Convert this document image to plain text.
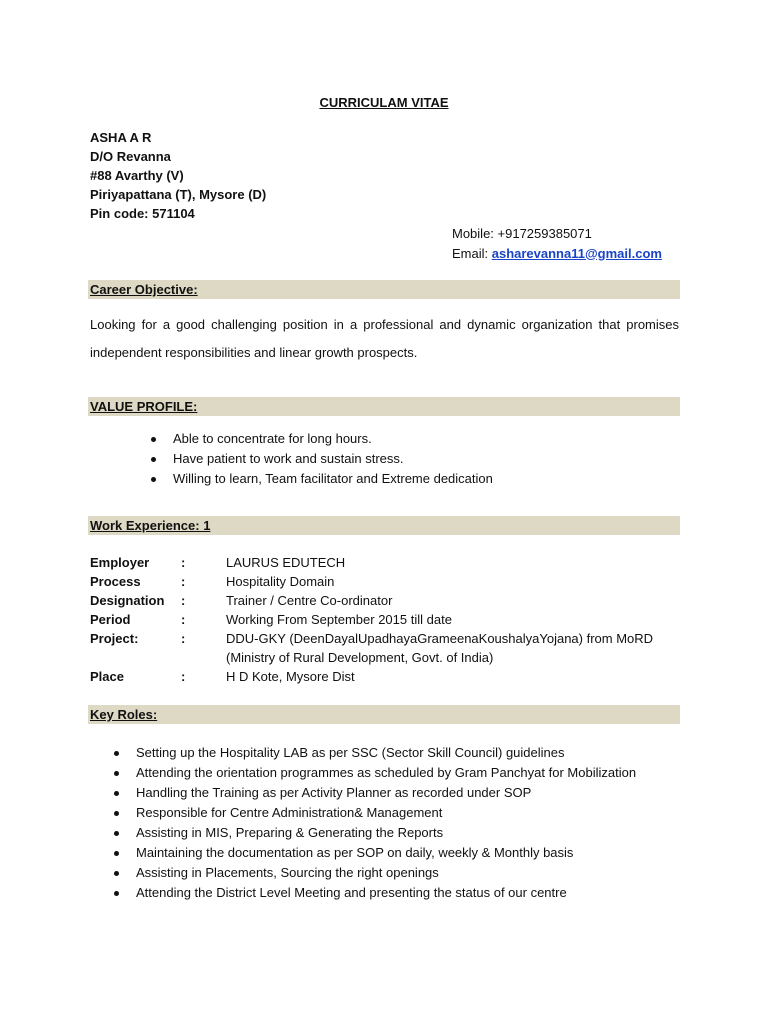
CURRICULAM VITAE
ASHA A R
D/O Revanna
#88 Avarthy (V)
Piriyapattana (T), Mysore (D)
Pin code: 571104
Mobile: +917259385071
Email: asharevanna11@gmail.com
Career Objective:
Looking for a good challenging position in a professional and dynamic organization that promises independent responsibilities and linear growth prospects.
VALUE PROFILE:
Able to concentrate for long hours.
Have patient to work and sustain stress.
Willing to learn, Team facilitator and Extreme dedication
Work Experience: 1
Employer	:	LAURUS EDUTECH
Process	:	Hospitality Domain
Designation	:	Trainer / Centre Co-ordinator
Period	:	Working From September 2015 till date
Project:	:	DDU-GKY (DeenDayalUpadhayaGrameenaKoushalyaYojana) from MoRD (Ministry of Rural Development, Govt. of India)
Place	:	H D Kote, Mysore Dist
Key Roles:
Setting up the Hospitality LAB as per SSC (Sector Skill Council) guidelines
Attending the orientation programmes as scheduled by Gram Panchyat for Mobilization
Handling the Training as per Activity Planner as recorded under SOP
Responsible for Centre Administration& Management
Assisting in MIS, Preparing & Generating the Reports
Maintaining the documentation as per SOP on daily, weekly & Monthly basis
Assisting in Placements, Sourcing the right openings
Attending the District Level Meeting and presenting the status of our centre
